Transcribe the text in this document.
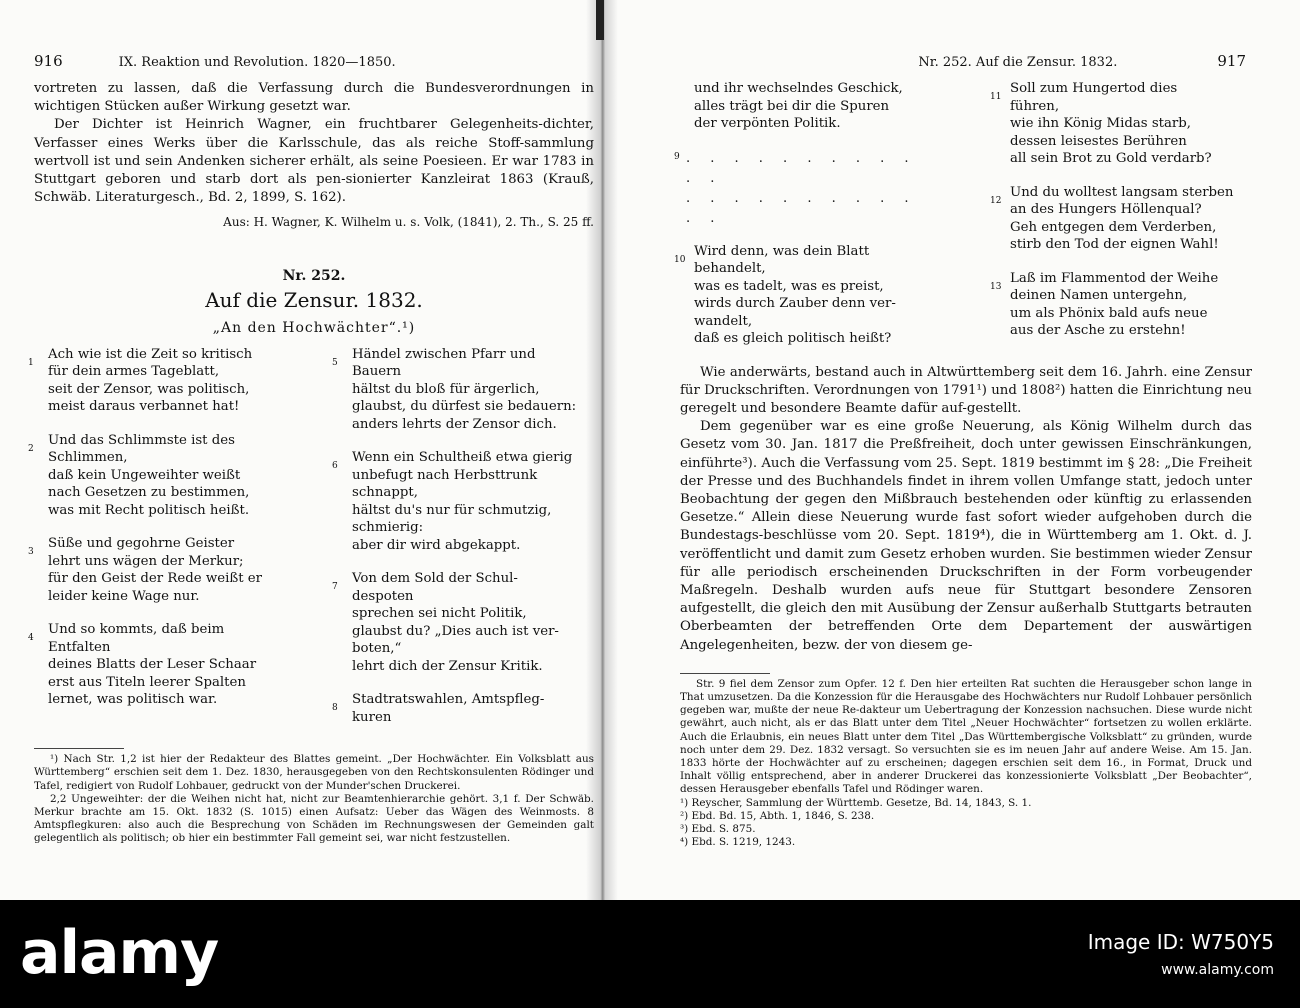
916	IX. Reaktion und Revolution. 1820—1850.

vortreten zu lassen, daß die Verfassung durch die Bundesverordnungen in wichtigen Stücken außer Wirkung gesetzt war.

Der Dichter ist Heinrich Wagner, ein fruchtbarer Gelegenheits-dichter, Verfasser eines Werks über die Karlsschule, das als reiche Stoff-sammlung wertvoll ist und sein Andenken sicherer erhält, als seine Poesieen. Er war 1783 in Stuttgart geboren und starb dort als pen-sionierter Kanzleirat 1863 (Krauß, Schwäb. Literaturgesch., Bd. 2, 1899, S. 162).

Aus: H. Wagner, K. Wilhelm u. s. Volk, (1841), 2. Th., S. 25 ff.

Nr. 252.
Auf die Zensur. 1832.
„An den Hochwächter“.¹)
1
Ach wie ist die Zeit so kritisch
für dein armes Tageblatt,
seit der Zensor, was politisch,
meist daraus verbannet hat!
2
Und das Schlimmste ist des
Schlimmen,
daß kein Ungeweihter weißt
nach Gesetzen zu bestimmen,
was mit Recht politisch heißt.
3
Süße und gegohrne Geister
lehrt uns wägen der Merkur;
für den Geist der Rede weißt er
leider keine Wage nur.
4
Und so kommts, daß beim
Entfalten
deines Blatts der Leser Schaar
erst aus Titeln leerer Spalten
lernet, was politisch war.
5
Händel zwischen Pfarr und
Bauern
hältst du bloß für ärgerlich,
glaubst, du dürfest sie bedauern:
anders lehrts der Zensor dich.
6
Wenn ein Schultheiß etwa gierig
unbefugt nach Herbsttrunk
schnappt,
hältst du's nur für schmutzig,
schmierig:
aber dir wird abgekappt.
7
Von dem Sold der Schul-
despoten
sprechen sei nicht Politik,
glaubst du? „Dies auch ist ver-
boten,“
lehrt dich der Zensur Kritik.
8
Stadtratswahlen, Amtspfleg-
kuren

¹) Nach Str. 1,2 ist hier der Redakteur des Blattes gemeint. „Der Hochwächter. Ein Volksblatt aus Württemberg“ erschien seit dem 1. Dez. 1830, herausgegeben von den Rechtskonsulenten Rödinger und Tafel, redigiert von Rudolf Lohbauer, gedruckt von der Munder'schen Druckerei.

2,2 Ungeweihter: der die Weihen nicht hat, nicht zur Beamtenhierarchie gehört. 3,1 f. Der Schwäb. Merkur brachte am 15. Okt. 1832 (S. 1015) einen Aufsatz: Ueber das Wägen des Weinmosts. 8 Amtspflegkuren: also auch die Besprechung von Schäden im Rechnungswesen der Gemeinden galt gelegentlich als politisch; ob hier ein bestimmter Fall gemeint sei, war nicht festzustellen.

Nr. 252. Auf die Zensur. 1832.	917
und ihr wechselndes Geschick,
alles trägt bei dir die Spuren
der verpönten Politik.
9 . . . . . . . . . . . .
. . . . . . . . . . . .
10
Wird denn, was dein Blatt
behandelt,
was es tadelt, was es preist,
wirds durch Zauber denn ver-
wandelt,
daß es gleich politisch heißt?
11
Soll zum Hungertod dies
führen,
wie ihn König Midas starb,
dessen leisestes Berühren
all sein Brot zu Gold verdarb?
12
Und du wolltest langsam sterben
an des Hungers Höllenqual?
Geh entgegen dem Verderben,
stirb den Tod der eignen Wahl!
13
Laß im Flammentod der Weihe
deinen Namen untergehn,
um als Phönix bald aufs neue
aus der Asche zu erstehn!

Wie anderwärts, bestand auch in Altwürttemberg seit dem 16. Jahrh. eine Zensur für Druckschriften. Verordnungen von 1791¹) und 1808²) hatten die Einrichtung neu geregelt und besondere Beamte dafür auf-gestellt.

Dem gegenüber war es eine große Neuerung, als König Wilhelm durch das Gesetz vom 30. Jan. 1817 die Preßfreiheit, doch unter gewissen Einschränkungen, einführte³). Auch die Verfassung vom 25. Sept. 1819 bestimmt im § 28: „Die Freiheit der Presse und des Buchhandels findet in ihrem vollen Umfange statt, jedoch unter Beobachtung der gegen den Mißbrauch bestehenden oder künftig zu erlassenden Gesetze.“ Allein diese Neuerung wurde fast sofort wieder aufgehoben durch die Bundestags-beschlüsse vom 20. Sept. 1819⁴), die in Württemberg am 1. Okt. d. J. veröffentlicht und damit zum Gesetz erhoben wurden. Sie bestimmen wieder Zensur für alle periodisch erscheinenden Druckschriften in der Form vorbeugender Maßregeln. Deshalb wurden aufs neue für Stuttgart besondere Zensoren aufgestellt, die gleich den mit Ausübung der Zensur außerhalb Stuttgarts betrauten Oberbeamten der betreffenden Orte dem Departement der auswärtigen Angelegenheiten, bezw. der von diesem ge-

Str. 9 fiel dem Zensor zum Opfer. 12 f. Den hier erteilten Rat suchten die Herausgeber schon lange in That umzusetzen. Da die Konzession für die Herausgabe des Hochwächters nur Rudolf Lohbauer persönlich gegeben war, mußte der neue Re-dakteur um Uebertragung der Konzession nachsuchen. Diese wurde nicht gewährt, auch nicht, als er das Blatt unter dem Titel „Neuer Hochwächter“ fortsetzen zu wollen erklärte. Auch die Erlaubnis, ein neues Blatt unter dem Titel „Das Württembergische Volksblatt“ zu gründen, wurde noch unter dem 29. Dez. 1832 versagt. So versuchten sie es im neuen Jahr auf andere Weise. Am 15. Jan. 1833 hörte der Hochwächter auf zu erscheinen; dagegen erschien seit dem 16., in Format, Druck und Inhalt völlig entsprechend, aber in anderer Druckerei das konzessionierte Volksblatt „Der Beobachter“, dessen Herausgeber ebenfalls Tafel und Rödinger waren.

¹) Reyscher, Sammlung der Württemb. Gesetze, Bd. 14, 1843, S. 1.

²) Ebd. Bd. 15, Abth. 1, 1846, S. 238.

³) Ebd. S. 875.

⁴) Ebd. S. 1219, 1243.

alamy	Image ID: W750Y5
www.alamy.com
